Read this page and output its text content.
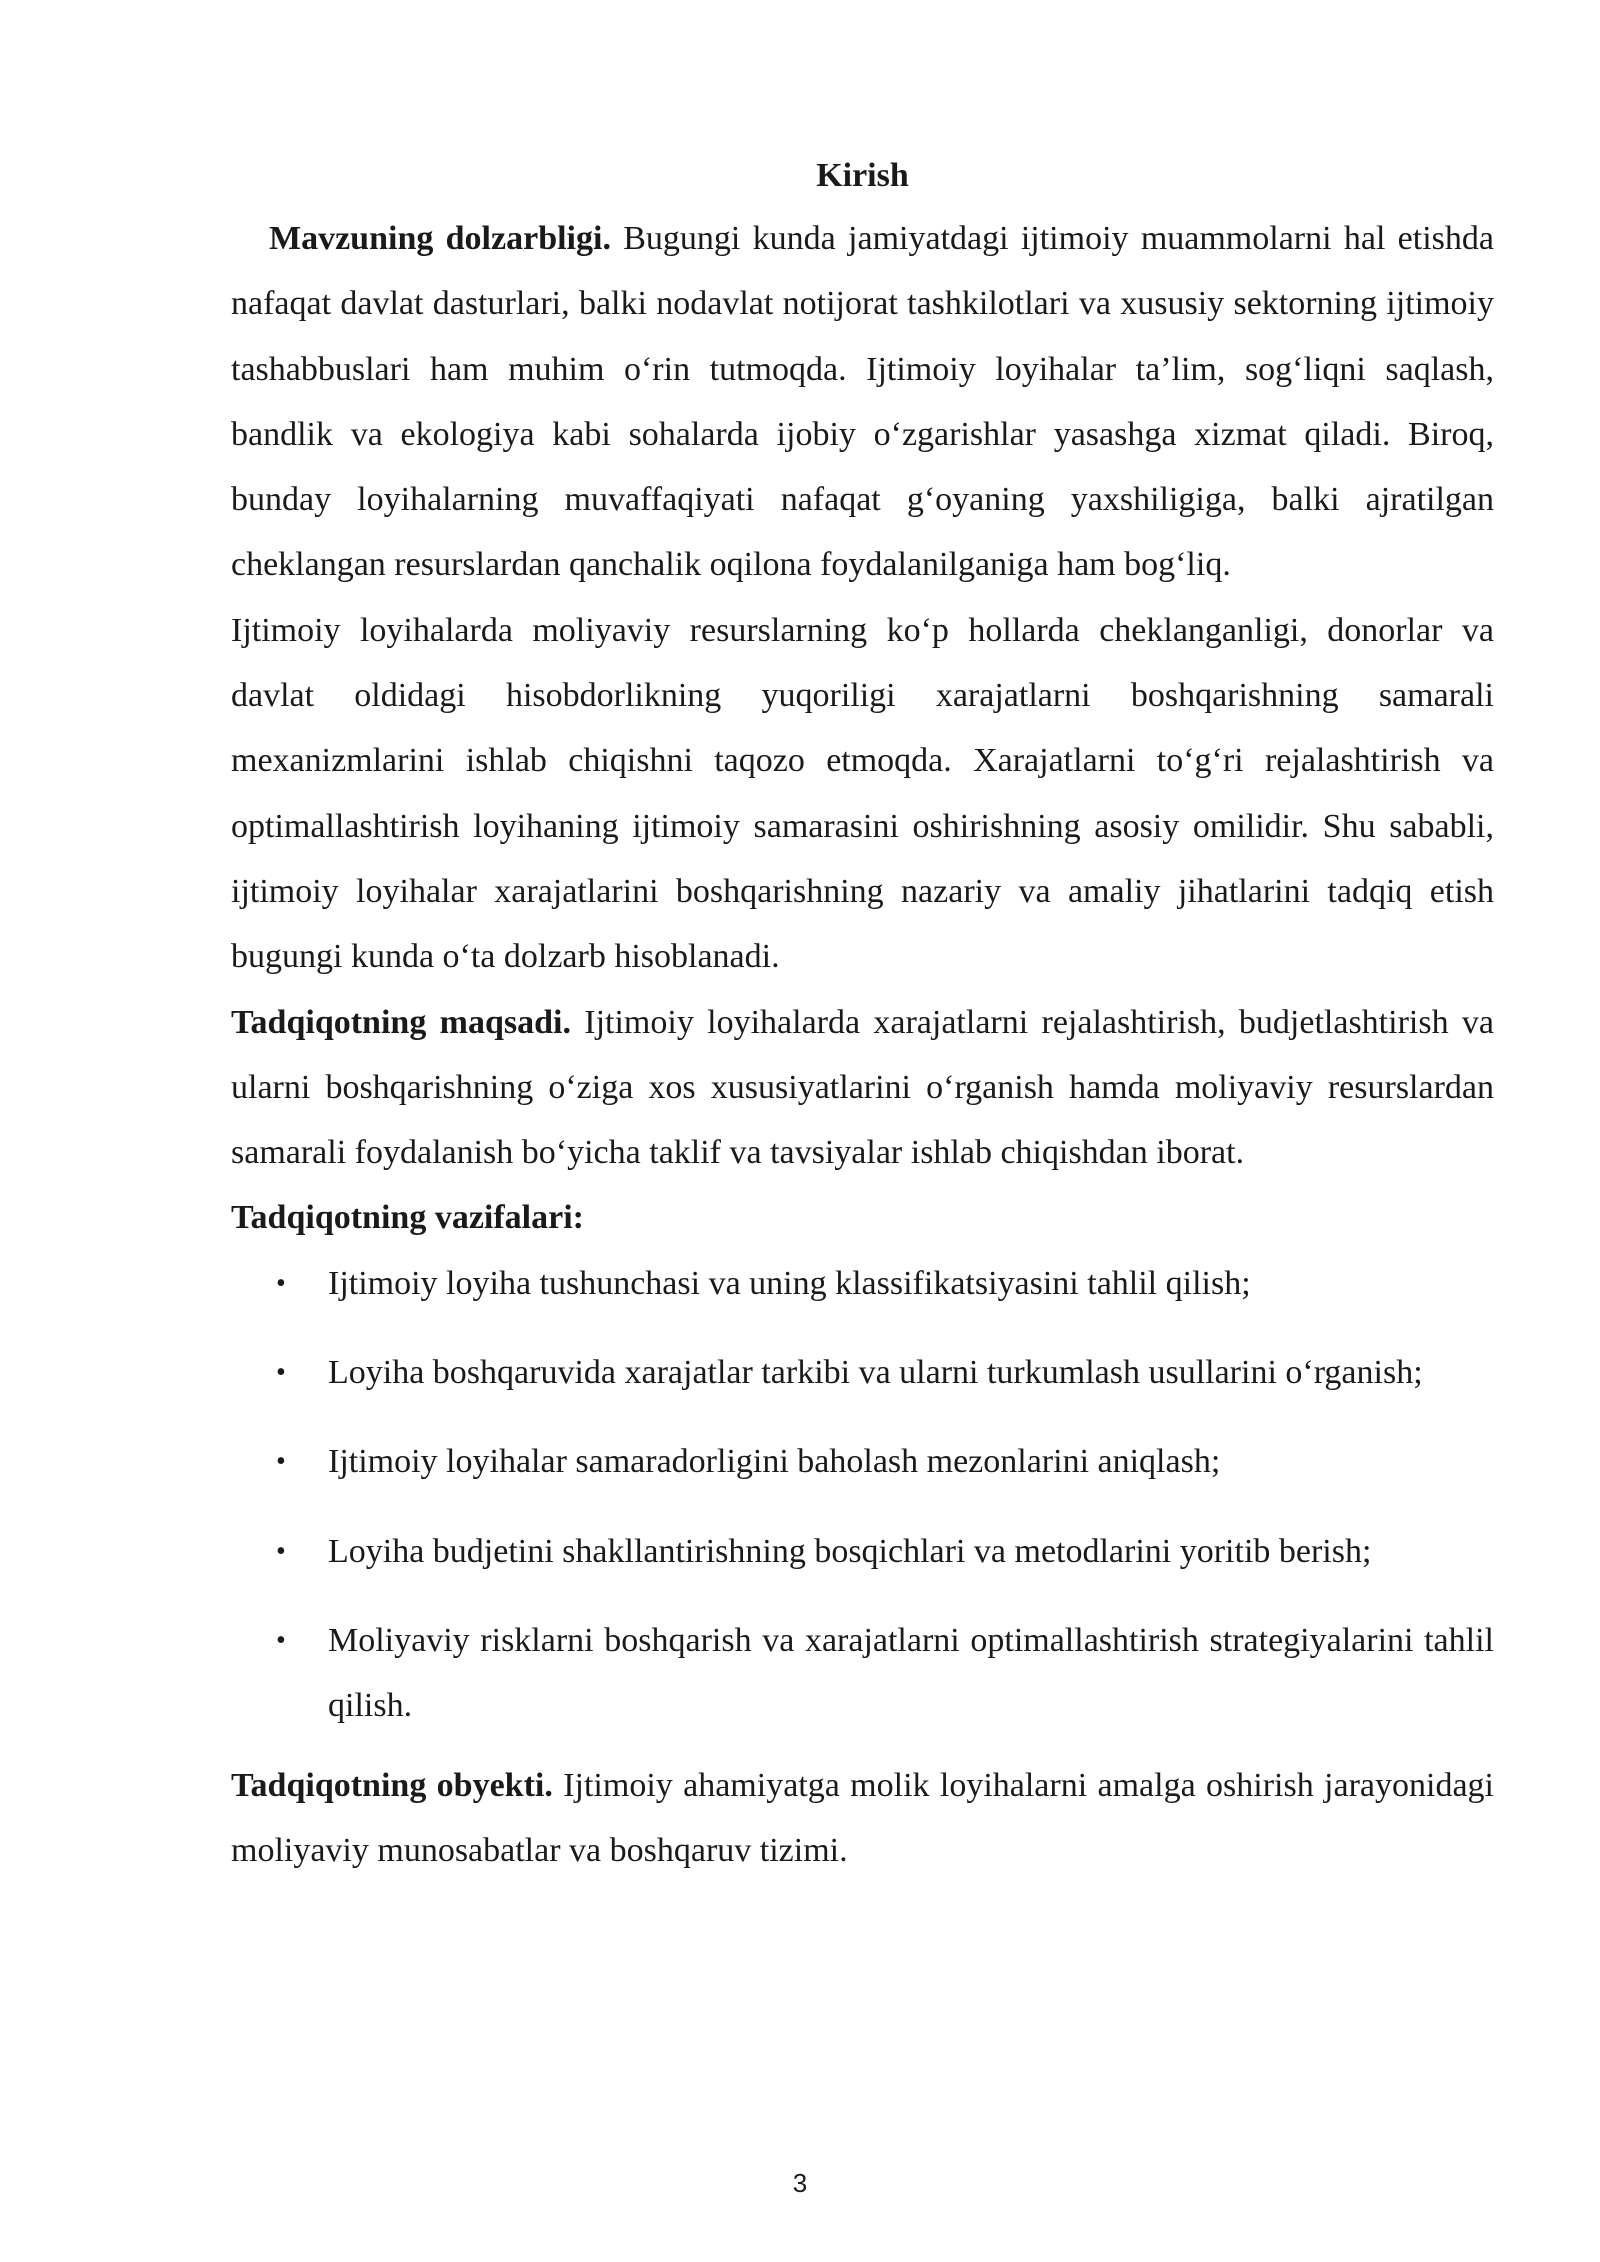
Kirish

Mavzuning dolzarbligi. Bugungi kunda jamiyatdagi ijtimoiy muammolarni hal etishda nafaqat davlat dasturlari, balki nodavlat notijorat tashkilotlari va xususiy sektorning ijtimoiy tashabbuslari ham muhim o‘rin tutmoqda. Ijtimoiy loyihalar ta’lim, sog‘liqni saqlash, bandlik va ekologiya kabi sohalarda ijobiy o‘zgarishlar yasashga xizmat qiladi. Biroq, bunday loyihalarning muvaffaqiyati nafaqat g‘oyaning yaxshiligiga, balki ajratilgan cheklangan resurslardan qanchalik oqilona foydalanilganiga ham bog‘liq.

Ijtimoiy loyihalarda moliyaviy resurslarning ko‘p hollarda cheklanganligi, donorlar va davlat oldidagi hisobdorlikning yuqoriligi xarajatlarni boshqarishning samarali mexanizmlarini ishlab chiqishni taqozo etmoqda. Xarajatlarni to‘g‘ri rejalashtirish va optimallashtirish loyihaning ijtimoiy samarasini oshirishning asosiy omilidir. Shu sababli, ijtimoiy loyihalar xarajatlarini boshqarishning nazariy va amaliy jihatlarini tadqiq etish bugungi kunda o‘ta dolzarb hisoblanadi.

Tadqiqotning maqsadi. Ijtimoiy loyihalarda xarajatlarni rejalashtirish, budjetlashtirish va ularni boshqarishning o‘ziga xos xususiyatlarini o‘rganish hamda moliyaviy resurslardan samarali foydalanish bo‘yicha taklif va tavsiyalar ishlab chiqishdan iborat.

Tadqiqotning vazifalari:

• Ijtimoiy loyiha tushunchasi va uning klassifikatsiyasini tahlil qilish;
• Loyiha boshqaruvida xarajatlar tarkibi va ularni turkumlash usullarini o‘rganish;
• Ijtimoiy loyihalar samaradorligini baholash mezonlarini aniqlash;
• Loyiha budjetini shakllantirishning bosqichlari va metodlarini yoritib berish;
• Moliyaviy risklarni boshqarish va xarajatlarni optimallashtirish strategiyalarini tahlil qilish.

Tadqiqotning obyekti. Ijtimoiy ahamiyatga molik loyihalarni amalga oshirish jarayonidagi moliyaviy munosabatlar va boshqaruv tizimi.

3
